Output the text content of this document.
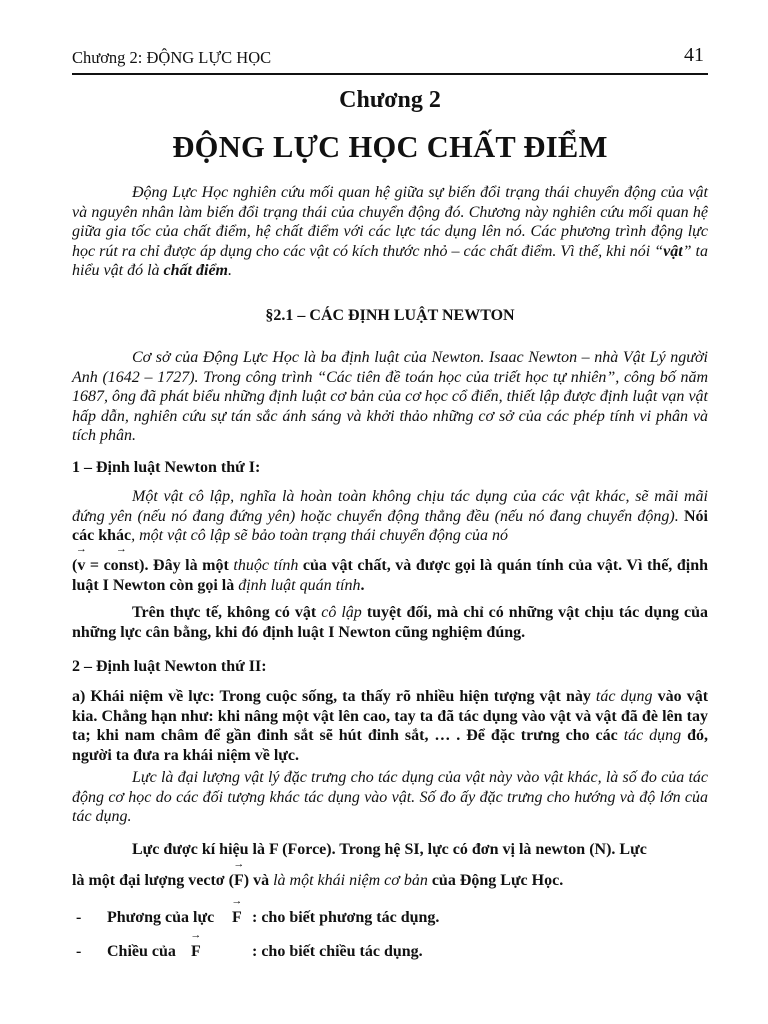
Chương 2: ĐỘNG LỰC HỌC	41
Chương 2
ĐỘNG LỰC HỌC CHẤT ĐIỂM

Động Lực Học nghiên cứu mối quan hệ giữa sự biến đổi trạng thái chuyển động của vật và nguyên nhân làm biến đổi trạng thái của chuyển động đó. Chương này nghiên cứu mối quan hệ giữa gia tốc của chất điểm, hệ chất điểm với các lực tác dụng lên nó. Các phương trình động lực học rút ra chỉ được áp dụng cho các vật có kích thước nhỏ – các chất điểm. Vì thế, khi nói “vật” ta hiểu vật đó là chất điểm.

§2.1 – CÁC ĐỊNH LUẬT NEWTON

Cơ sở của Động Lực Học là ba định luật của Newton. Isaac Newton – nhà Vật Lý người Anh (1642 – 1727). Trong công trình “Các tiên đề toán học của triết học tự nhiên”, công bố năm 1687, ông đã phát biểu những định luật cơ bản của cơ học cổ điển, thiết lập được định luật vạn vật hấp dẫn, nghiên cứu sự tán sắc ánh sáng và khởi thảo những cơ sở của các phép tính vi phân và tích phân.

1 – Định luật Newton thứ I:

Một vật cô lập, nghĩa là hoàn toàn không chịu tác dụng của các vật khác, sẽ mãi mãi đứng yên (nếu nó đang đứng yên) hoặc chuyển động thẳng đều (nếu nó đang chuyển động). Nói các khác, một vật cô lập sẽ bảo toàn trạng thái chuyển động của nó

(
→
v =
→
const). Đây là một thuộc tính của vật chất, và được gọi là quán tính của vật. Vì thế, định luật I Newton còn gọi là định luật quán tính.

Trên thực tế, không có vật cô lập tuyệt đối, mà chỉ có những vật chịu tác dụng của những lực cân bằng, khi đó định luật I Newton cũng nghiệm đúng.

2 – Định luật Newton thứ II:

a) Khái niệm về lực: Trong cuộc sống, ta thấy rõ nhiều hiện tượng vật này tác dụng vào vật kia. Chẳng hạn như: khi nâng một vật lên cao, tay ta đã tác dụng vào vật và vật đã đè lên tay ta; khi nam châm để gần đinh sắt sẽ hút đinh sắt, … . Để đặc trưng cho các tác dụng đó, người ta đưa ra khái niệm về lực.

Lực là đại lượng vật lý đặc trưng cho tác dụng của vật này vào vật khác, là số đo của tác động cơ học do các đối tượng khác tác dụng vào vật. Số đo ấy đặc trưng cho hướng và độ lớn của tác dụng.

Lực được kí hiệu là F (Force). Trong hệ SI, lực có đơn vị là newton (N). Lực

là một đại lượng vectơ (
→
F) và là một khái niệm cơ bản của Động Lực Học.

- Phương của lực
→
F : cho biết phương tác dụng.
- Chiều của
→
F	: cho biết chiều tác dụng.
